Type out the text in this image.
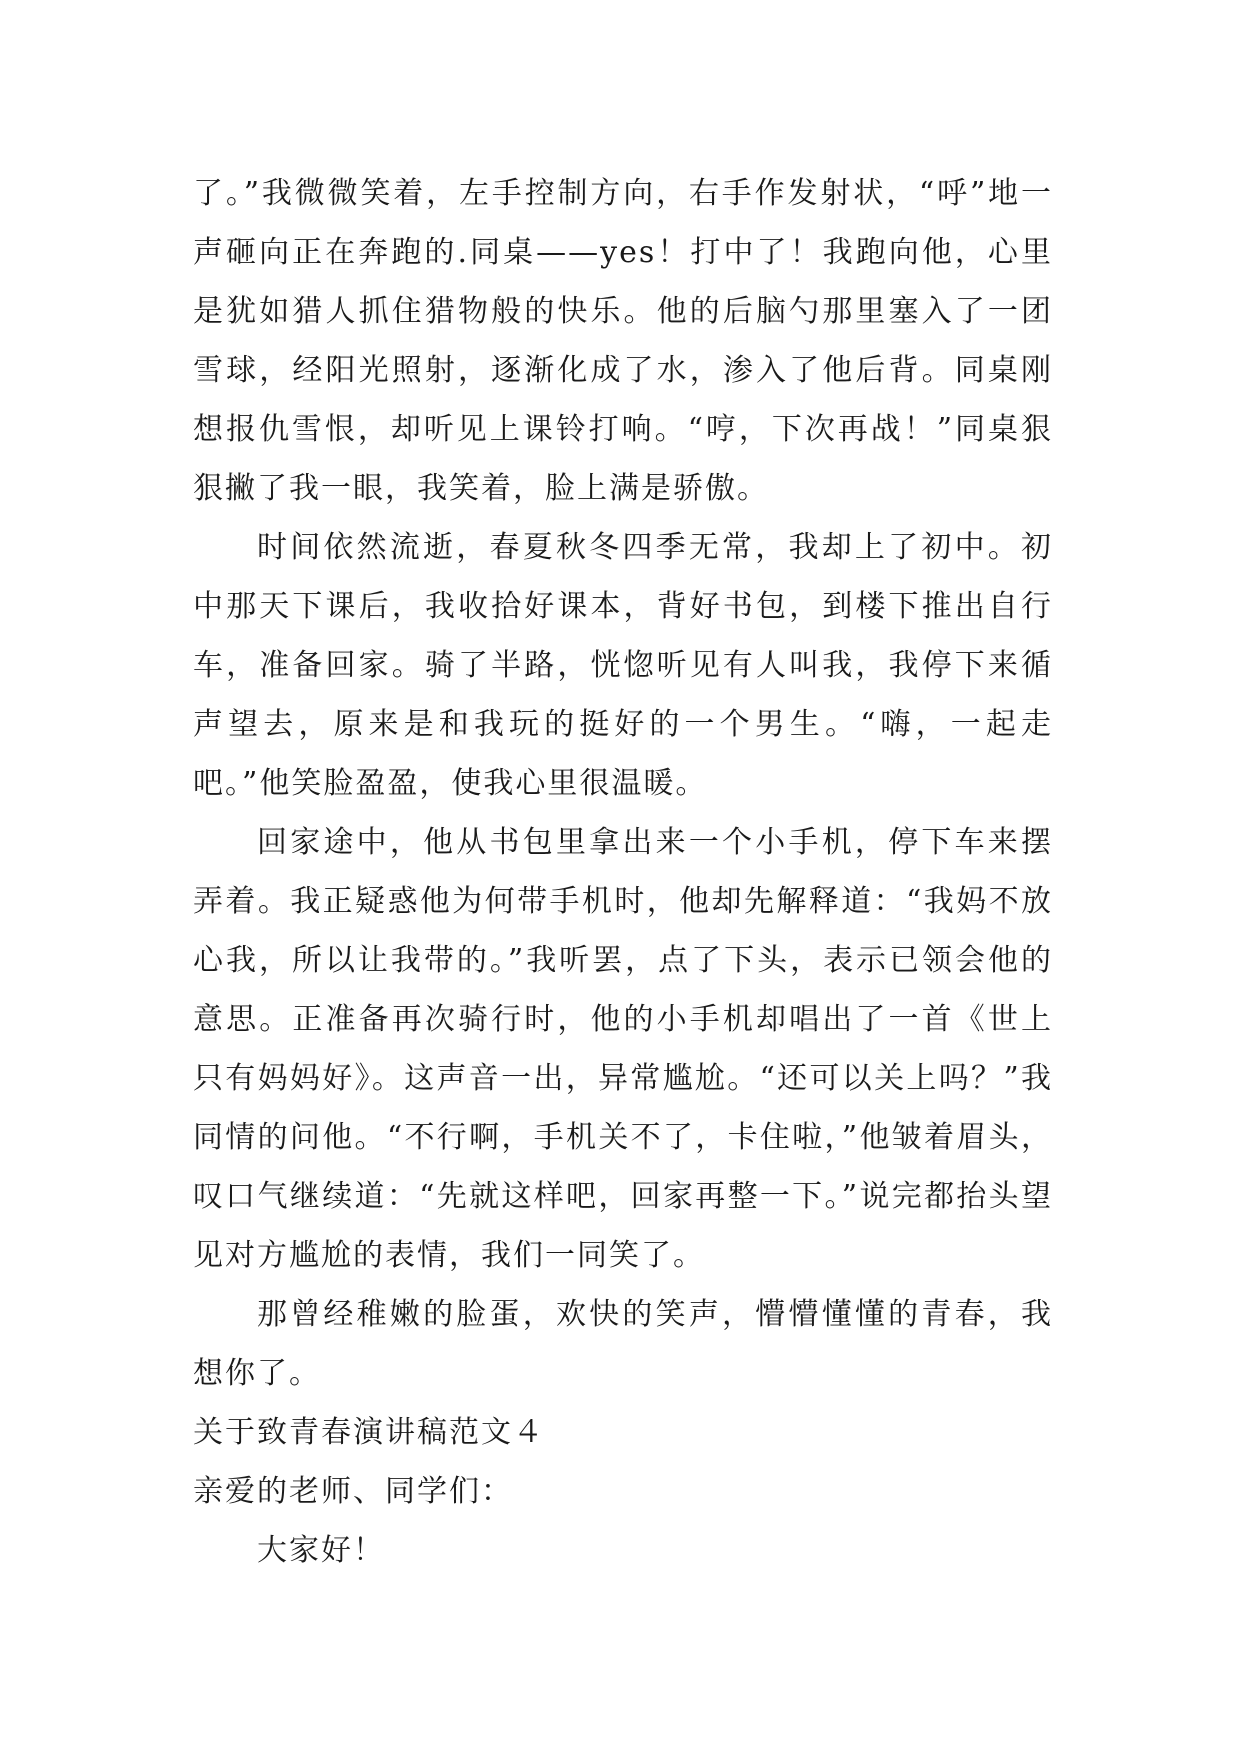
了。”我微微笑着，左手控制方向，右手作发射状，“呼”地一声砸向正在奔跑的.同桌——yes！打中了！我跑向他，心里是犹如猎人抓住猎物般的快乐。他的后脑勺那里塞入了一团雪球，经阳光照射，逐渐化成了水，渗入了他后背。同桌刚想报仇雪恨，却听见上课铃打响。“哼，下次再战！”同桌狠狠撇了我一眼，我笑着，脸上满是骄傲。

时间依然流逝，春夏秋冬四季无常，我却上了初中。初中那天下课后，我收拾好课本，背好书包，到楼下推出自行车，准备回家。骑了半路，恍惚听见有人叫我，我停下来循声望去，原来是和我玩的挺好的一个男生。“嗨，一起走吧。”他笑脸盈盈，使我心里很温暖。

回家途中，他从书包里拿出来一个小手机，停下车来摆弄着。我正疑惑他为何带手机时，他却先解释道：“我妈不放心我，所以让我带的。”我听罢，点了下头，表示已领会他的意思。正准备再次骑行时，他的小手机却唱出了一首《世上只有妈妈好》。这声音一出，异常尴尬。“还可以关上吗？”我同情的问他。“不行啊，手机关不了，卡住啦，”他皱着眉头，叹口气继续道：“先就这样吧，回家再整一下。”说完都抬头望见对方尴尬的表情，我们一同笑了。

那曾经稚嫩的脸蛋，欢快的笑声，懵懵懂懂的青春，我想你了。

关于致青春演讲稿范文４

亲爱的老师、同学们：

大家好！
